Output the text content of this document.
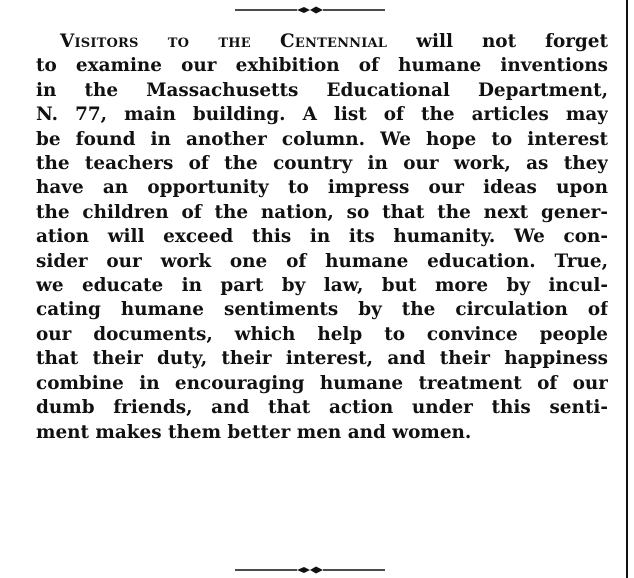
Visitors to the Centennial will not forget
to examine our exhibition of humane inventions
in the Massachusetts Educational Department,
N. 77, main building. A list of the articles may
be found in another column. We hope to interest
the teachers of the country in our work, as they
have an opportunity to impress our ideas upon
the children of the nation, so that the next gener-
ation will exceed this in its humanity. We con-
sider our work one of humane education. True,
we educate in part by law, but more by incul-
cating humane sentiments by the circulation of
our documents, which help to convince people
that their duty, their interest, and their happiness
combine in encouraging humane treatment of our
dumb friends, and that action under this senti-
ment makes them better men and women.
